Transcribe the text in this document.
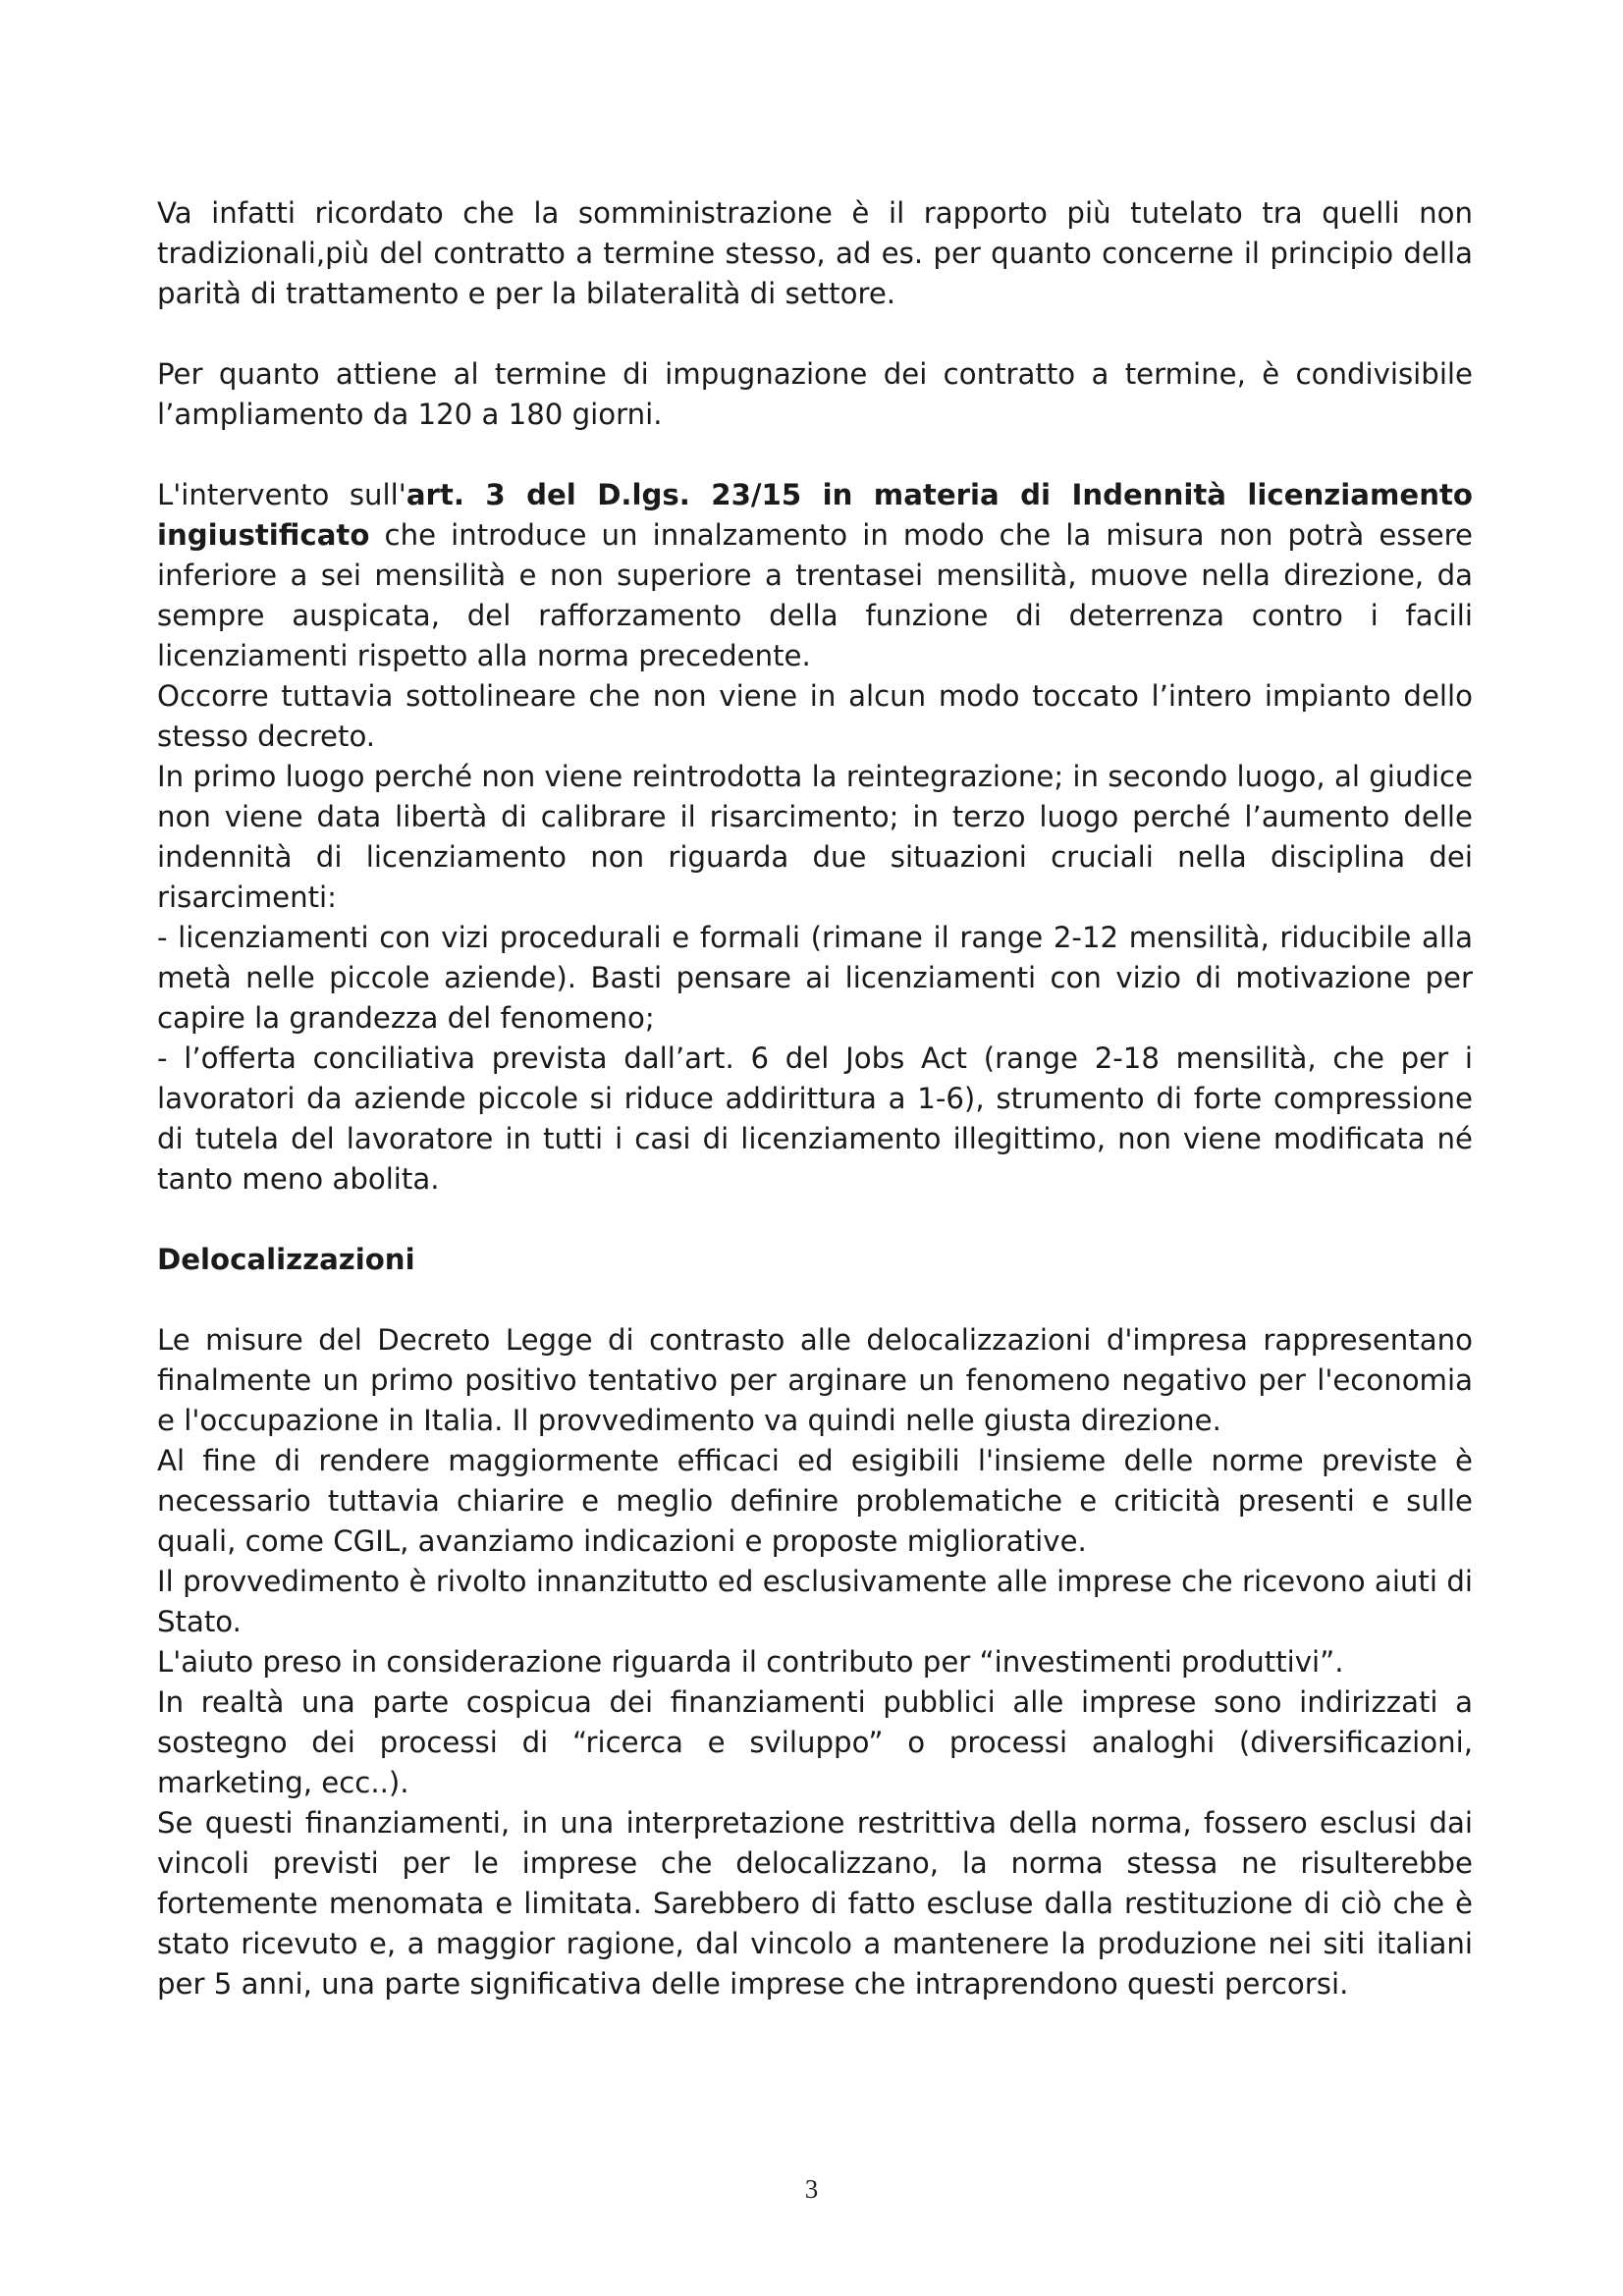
Va infatti ricordato che la somministrazione è il rapporto più tutelato tra quelli non tradizionali,più del contratto a termine stesso, ad es. per quanto concerne il principio della parità di trattamento e per la bilateralità di settore.

Per quanto attiene al termine di impugnazione dei contratto a termine, è condivisibile l’ampliamento da 120 a 180 giorni.

L'intervento sull'art. 3 del D.lgs. 23/15 in materia di Indennità licenziamento ingiustificato che introduce un innalzamento in modo che la misura non potrà essere inferiore a sei mensilità e non superiore a trentasei mensilità, muove nella direzione, da sempre auspicata, del rafforzamento della funzione di deterrenza contro i facili licenziamenti rispetto alla norma precedente.

Occorre tuttavia sottolineare che non viene in alcun modo toccato l’intero impianto dello stesso decreto.

In primo luogo perché non viene reintrodotta la reintegrazione; in secondo luogo, al giudice non viene data libertà di calibrare il risarcimento; in terzo luogo perché l’aumento delle indennità di licenziamento non riguarda due situazioni cruciali nella disciplina dei risarcimenti:

- licenziamenti con vizi procedurali e formali (rimane il range 2-12 mensilità, riducibile alla metà nelle piccole aziende). Basti pensare ai licenziamenti con vizio di motivazione per capire la grandezza del fenomeno;

- l’offerta conciliativa prevista dall’art. 6 del Jobs Act (range 2-18 mensilità, che per i lavoratori da aziende piccole si riduce addirittura a 1-6), strumento di forte compressione di tutela del lavoratore in tutti i casi di licenziamento illegittimo, non viene modificata né tanto meno abolita.

Delocalizzazioni

Le misure del Decreto Legge di contrasto alle delocalizzazioni d'impresa rappresentano finalmente un primo positivo tentativo per arginare un fenomeno negativo per l'economia e l'occupazione in Italia. Il provvedimento va quindi nelle giusta direzione.

Al fine di rendere maggiormente efficaci ed esigibili l'insieme delle norme previste è necessario tuttavia chiarire e meglio definire problematiche e criticità presenti e sulle quali, come CGIL, avanziamo indicazioni e proposte migliorative.

Il provvedimento è rivolto innanzitutto ed esclusivamente alle imprese che ricevono aiuti di Stato.

L'aiuto preso in considerazione riguarda il contributo per “investimenti produttivi”.

In realtà una parte cospicua dei finanziamenti pubblici alle imprese sono indirizzati a sostegno dei processi di “ricerca e sviluppo” o processi analoghi (diversificazioni, marketing, ecc..).

Se questi finanziamenti, in una interpretazione restrittiva della norma, fossero esclusi dai vincoli previsti per le imprese che delocalizzano, la norma stessa ne risulterebbe fortemente menomata e limitata. Sarebbero di fatto escluse dalla restituzione di ciò che è stato ricevuto e, a maggior ragione, dal vincolo a mantenere la produzione nei siti italiani per 5 anni, una parte significativa delle imprese che intraprendono questi percorsi.

3
